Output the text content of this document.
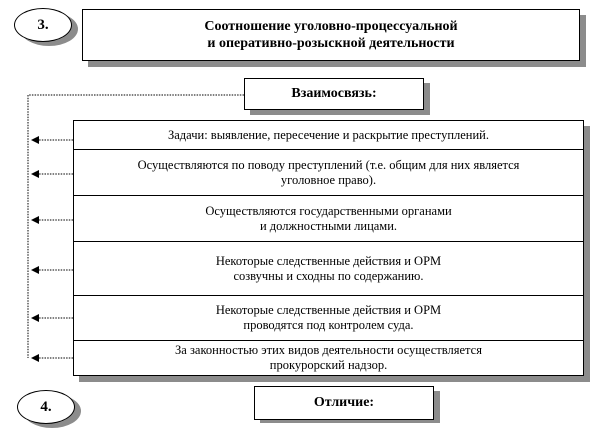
3.	Соотношение уголовно-процессуальной
и оперативно-розыскной деятельности
Взаимосвязь:
Задачи: выявление, пересечение и раскрытие преступлений.
Осуществляются по поводу преступлений (т.е. общим для них является
уголовное право).
Осуществляются государственными органами
и должностными лицами.
Некоторые следственные действия и ОРМ
созвучны и сходны по содержанию.
Некоторые следственные действия и ОРМ
проводятся под контролем суда.
За законностью этих видов деятельности осуществляется
прокурорский надзор.
4.	Отличие:
